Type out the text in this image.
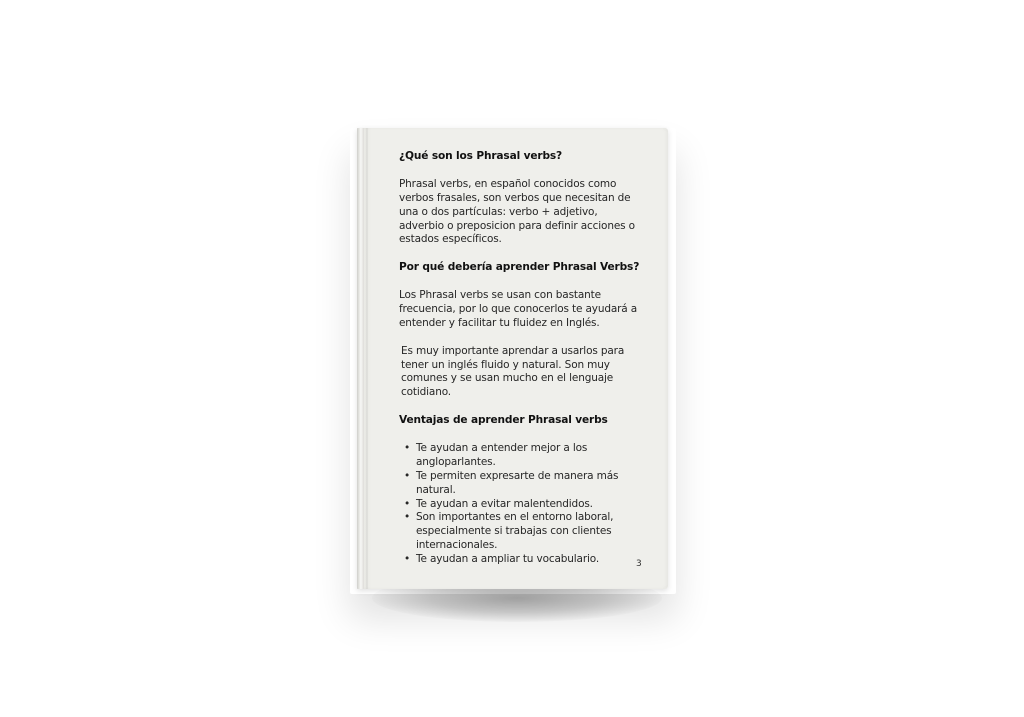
¿Qué son los Phrasal verbs?

Phrasal verbs, en español conocidos como verbos frasales, son verbos que necesitan de una o dos partículas: verbo + adjetivo, adverbio o preposicion para definir acciones o estados específicos.

Por qué debería aprender Phrasal Verbs?

Los Phrasal verbs se usan con bastante frecuencia, por lo que conocerlos te ayudará a entender y facilitar tu fluidez en Inglés.

Es muy importante aprendar a usarlos para tener un inglés fluido y natural. Son muy comunes y se usan mucho en el lenguaje cotidiano.

Ventajas de aprender Phrasal verbs

• Te ayudan a entender mejor a los angloparlantes.
• Te permiten expresarte de manera más natural.
• Te ayudan a evitar malentendidos.
• Son importantes en el entorno laboral, especialmente si trabajas con clientes internacionales.
• Te ayudan a ampliar tu vocabulario.	3
